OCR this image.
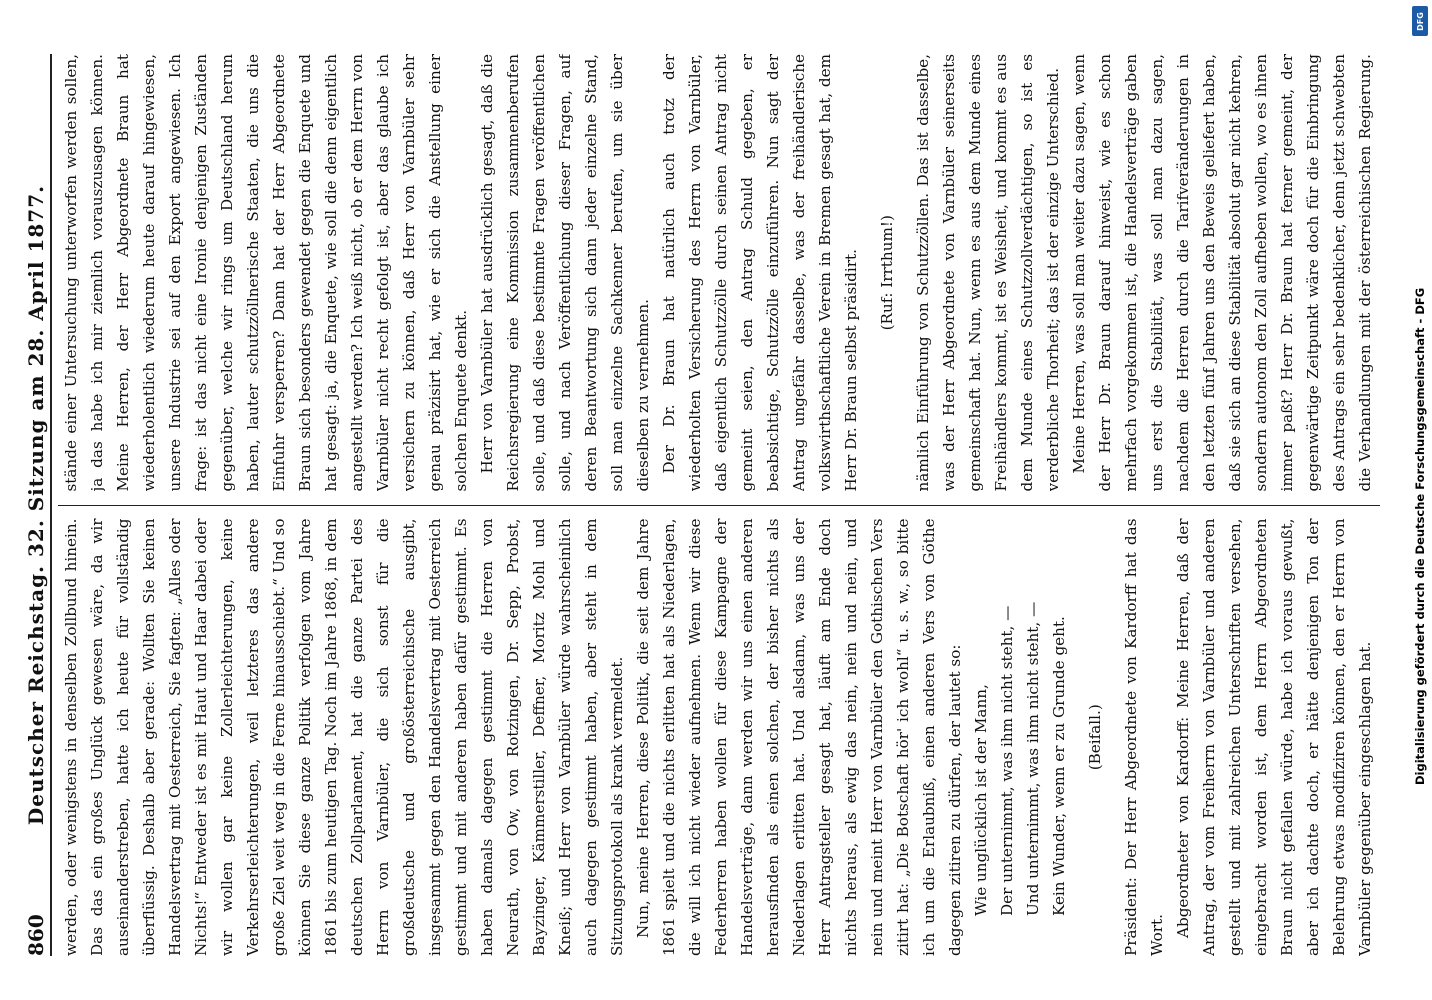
860
Deutscher Reichstag. 32. Sitzung am 28. April 1877. werden, oder wenigstens in denselben Zollbund hinein. Das das ein großes Unglück gewesen wäre, da wir auseinanderstreben, hatte ich heute für vollständig überflüssig. Deshalb aber gerade: Wollten Sie keinen Handelsvertrag mit Oesterreich, Sie fagten: „Alles oder Nichts!“ Entweder ist es mit Haut und Haar dabei oder wir wollen gar keine Zollerleichterungen, keine Verkehrserleichterungen, weil letzteres das andere große Ziel weit weg in die Ferne hinausschiebt.“ Und so können Sie diese ganze Politik verfolgen vom Jahre 1861 bis zum heutigen Tag. Noch im Jahre 1868, in dem deutschen Zollparlament, hat die ganze Partei des Herrn von Varnbüler, die sich sonst für die großdeutsche und großösterreichische ausgibt, insgesammt gegen den Handelsvertrag mit Oesterreich gestimmt und mit anderen haben dafür gestimmt. Es haben damals dagegen gestimmt die Herren von Neurath, von Ow, von Rotzingen, Dr. Sepp, Probst, Bayzinger, Kämmerstiller, Deffner, Moritz Mohl und Kneiß; und Herr von Varnbüler würde wahrscheinlich auch dagegen gestimmt haben, aber steht in dem Sitzungsprotokoll als krank vermeldet. Nun, meine Herren, diese Politik, die seit dem Jahre 1861 spielt und die nichts erlitten hat als Niederlagen, die will ich nicht wieder aufnehmen. Wenn wir diese Federherren haben wollen für diese Kampagne der Handelsverträge, dann werden wir uns einen anderen herausfinden als einen solchen, der bisher nichts als Niederlagen erlitten hat. Und alsdann, was uns der Herr Antragsteller gesagt hat, läuft am Ende doch nichts heraus, als ewig das nein, nein und nein, und nein und meint Herr von Varnbüler den Gothischen Vers zitirt hat: „Die Botschaft hör' ich wohl“ u. s. w., so bitte ich um die Erlaubniß, einen anderen Vers von Göthe dagegen zitiren zu dürfen, der lautet so: Wie unglücklich ist der Mann, Der unternimmt, was ihm nicht steht, — Und unternimmt, was ihm nicht steht, — Kein Wunder, wenn er zu Grunde geht. (Beifall.) Präsident: Der Herr Abgeordnete von Kardorff hat das Wort. Abgeordneter von Kardorff: Meine Herren, daß der Antrag, der vom Freiherrn von Varnbüler und anderen gestellt und mit zahlreichen Unterschriften versehen, eingebracht worden ist, dem Herrn Abgeordneten Braun nicht gefallen würde, habe ich voraus gewußt, aber ich dachte doch, er hätte denjenigen Ton der Belehrung etwas modifiziren können, den er Herrn von Varnbüler gegenüber eingeschlagen hat.

stände einer Untersuchung unterworfen werden sollen, ja das habe ich mir ziemlich vorauszusagen können. Meine Herren, der Herr Abgeordnete Braun hat wiederholentlich wiederum heute darauf hingewiesen, unsere Industrie sei auf den Export angewiesen. Ich frage: ist das nicht eine Ironie denjenigen Zuständen gegenüber, welche wir rings um Deutschland herum haben, lauter schutzzöllnerische Staaten, die uns die Einfuhr versperren? Dann hat der Herr Abgeordnete Braun sich besonders gewendet gegen die Enquete und hat gesagt: ja, die Enquete, wie soll die denn eigentlich angestellt werden? Ich weiß nicht, ob er dem Herrn von Varnbüler nicht recht gefolgt ist, aber das glaube ich versichern zu können, daß Herr von Varnbüler sehr genau präzisirt hat, wie er sich die Anstellung einer solchen Enquete denkt. Herr von Varnbüler hat ausdrücklich gesagt, daß die Reichsregierung eine Kommission zusammenberufen solle, und daß diese bestimmte Fragen veröffentlichen solle, und nach Veröffentlichung dieser Fragen, auf deren Beantwortung sich dann jeder einzelne Stand, soll man einzelne Sachkenner berufen, um sie über dieselben zu vernehmen. Der Dr. Braun hat natürlich auch trotz der wiederholten Versicherung des Herrn von Varnbüler, daß eigentlich Schutzzölle durch seinen Antrag nicht gemeint seien, den Antrag Schuld gegeben, er beabsichtige, Schutzzölle einzuführen. Nun sagt der Antrag ungefähr dasselbe, was der freihändlerische volkswirthschaftliche Verein in Bremen gesagt hat, dem Herr Dr. Braun selbst präsidirt. (Ruf: Irrthum!) nämlich Einführung von Schutzzöllen. Das ist dasselbe, was der Herr Abgeordnete von Varnbüler seinerseits gemeinschaft hat. Nun, wenn es aus dem Munde eines Freihändlers kommt, ist es Weisheit, und kommt es aus dem Munde eines Schutzzollverdächtigen, so ist es verderbliche Thorheit; das ist der einzige Unterschied. Meine Herren, was soll man weiter dazu sagen, wenn der Herr Dr. Braun darauf hinweist, wie es schon mehrfach vorgekommen ist, die Handelsverträge gaben uns erst die Stabilität, was soll man dazu sagen, nachdem die Herren durch die Tarifveränderungen in den letzten fünf Jahren uns den Beweis geliefert haben, daß sie sich an diese Stabilität absolut gar nicht kehren, sondern autonom den Zoll aufheben wollen, wo es ihnen immer paßt? Herr Dr. Braun hat ferner gemeint, der gegenwärtige Zeitpunkt wäre doch für die Einbringung des Antrags ein sehr bedenklicher, denn jetzt schwebten die Verhandlungen mit der österreichischen Regierung.

Digitalisierung gefördert durch die Deutsche Forschungsgemeinschaft - DFG
DFG
